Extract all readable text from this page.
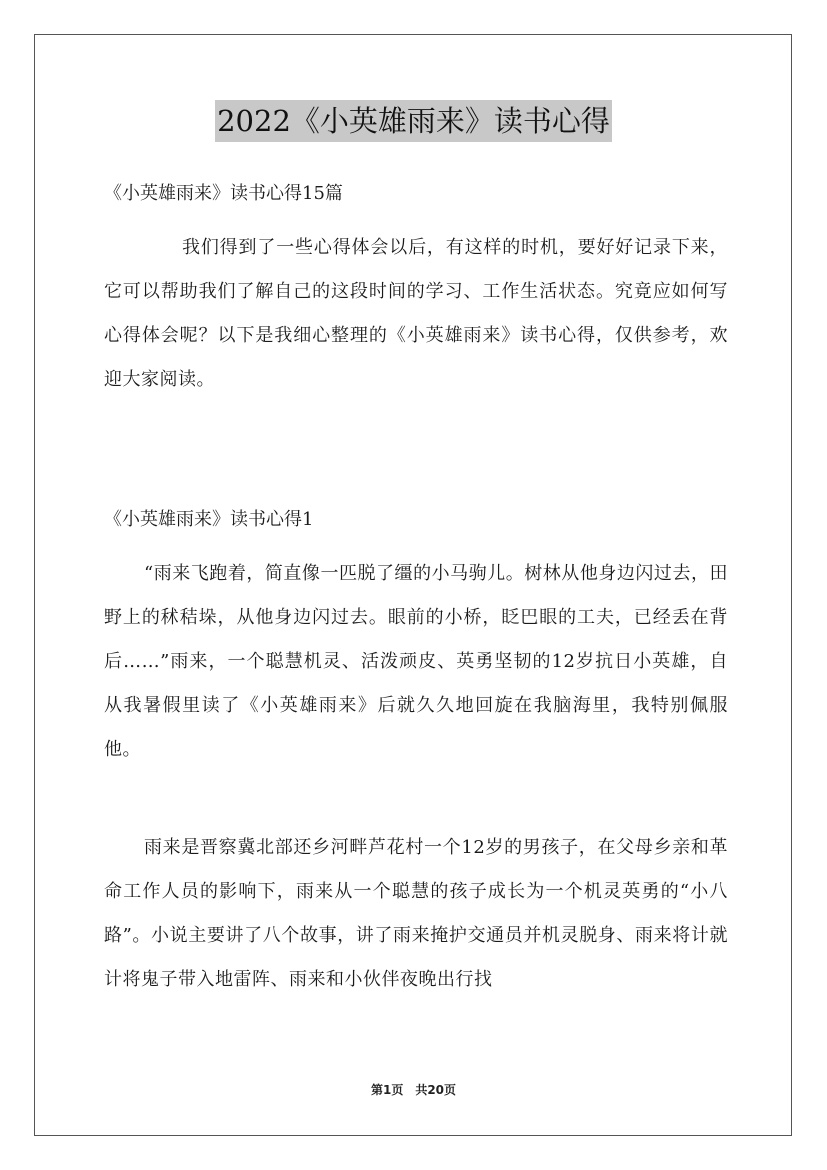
2022《小英雄雨来》读书心得

《小英雄雨来》读书心得15篇

我们得到了一些心得体会以后，有这样的时机，要好好记录下来，它可以帮助我们了解自己的这段时间的学习、工作生活状态。究竟应如何写心得体会呢？以下是我细心整理的《小英雄雨来》读书心得，仅供参考，欢迎大家阅读。

《小英雄雨来》读书心得1

“雨来飞跑着，简直像一匹脱了缰的小马驹儿。树林从他身边闪过去，田野上的秫秸垛，从他身边闪过去。眼前的小桥，眨巴眼的工夫，已经丢在背后……”雨来，一个聪慧机灵、活泼顽皮、英勇坚韧的12岁抗日小英雄，自从我暑假里读了《小英雄雨来》后就久久地回旋在我脑海里，我特别佩服他。

雨来是晋察冀北部还乡河畔芦花村一个12岁的男孩子，在父母乡亲和革命工作人员的影响下，雨来从一个聪慧的孩子成长为一个机灵英勇的“小八路”。小说主要讲了八个故事，讲了雨来掩护交通员并机灵脱身、雨来将计就计将鬼子带入地雷阵、雨来和小伙伴夜晚出行找

第1页 共20页
